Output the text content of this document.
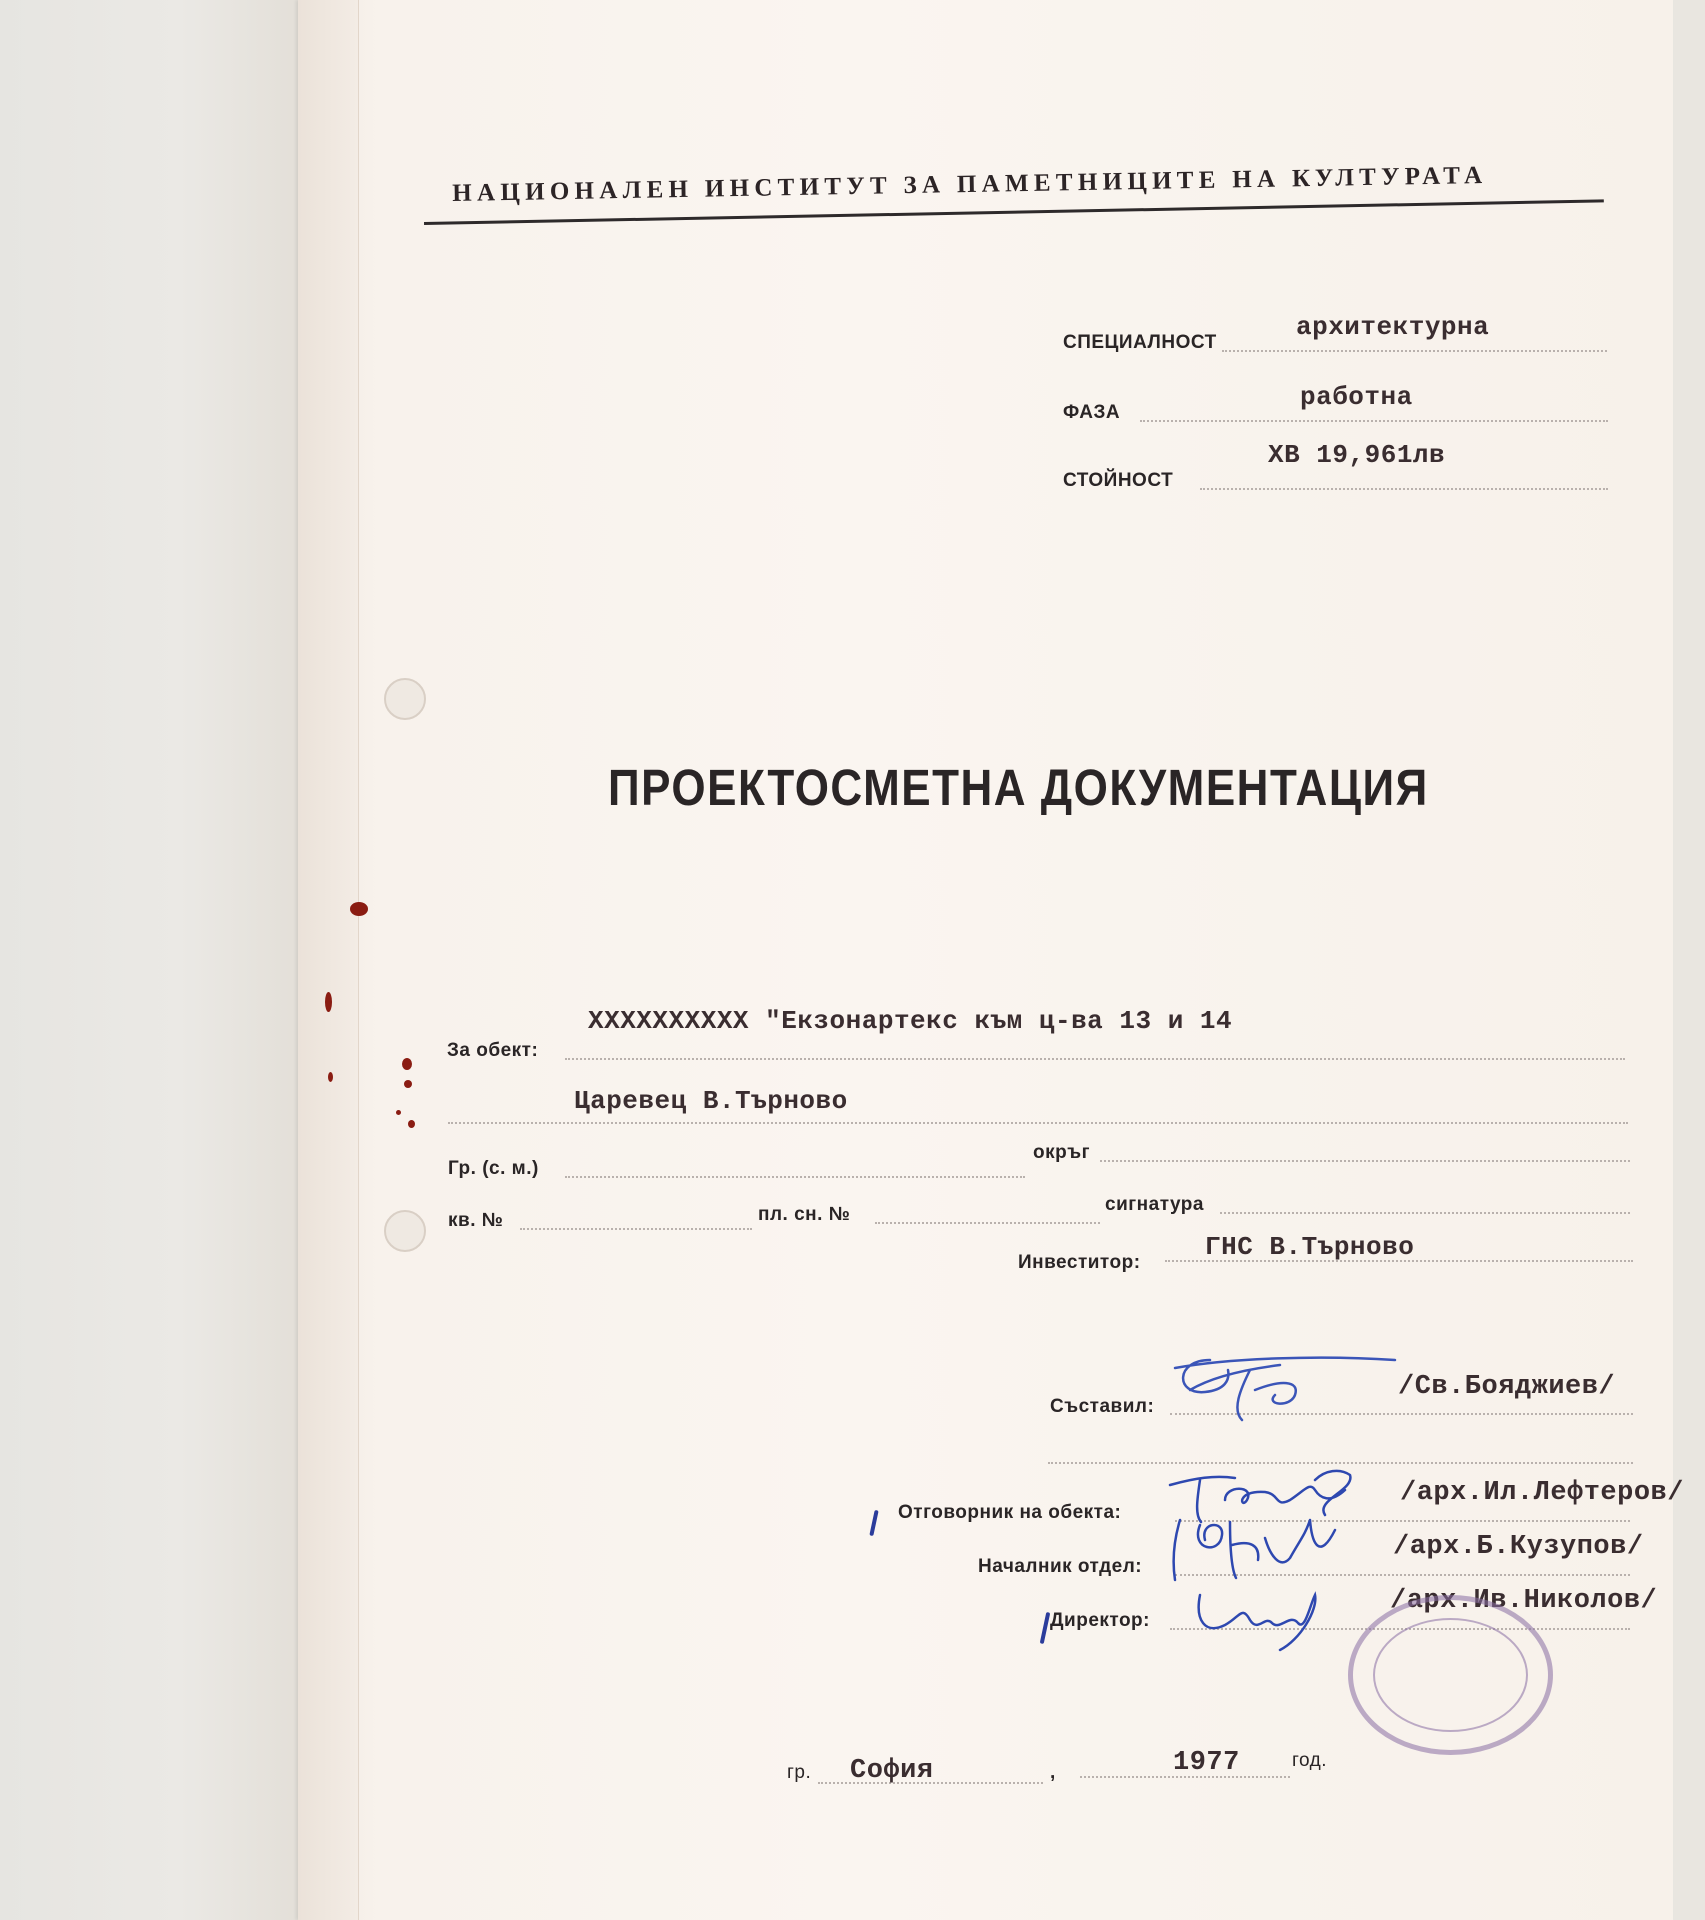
НАЦИОНАЛЕН ИНСТИТУТ ЗА ПАМЕТНИЦИТЕ НА КУЛТУРАТА
СПЕЦИАЛНОСТ
архитектурна
ФАЗА
работна
СТОЙНОСТ
XB 19,961лв
ПРОЕКТОСМЕТНА ДОКУМЕНТАЦИЯ
За обект:
XXXXXXXXXX "Екзонартекс към ц-ва 13 и 14
Царевец В.Търново
Гр. (с. м.)
окръг
кв. №	пл. сн. №	сигнатура
Инвеститор:
ГНС В.Търново
Съставил:
/Св.Бояджиев/
Отговорник на обекта:
/арх.Ил.Лефтеров/
Началник отдел:
/арх.Б.Кузупов/
Директор:
/арх.Ив.Николов/
гр. София	,	1977	год.
